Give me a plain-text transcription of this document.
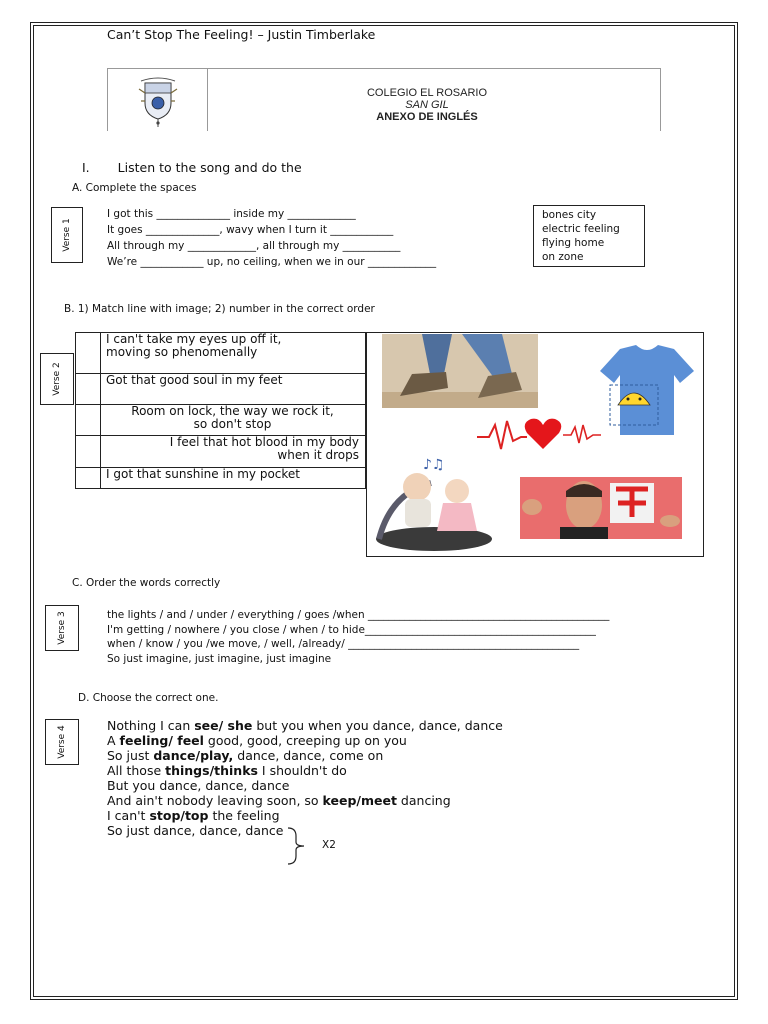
Can’t Stop The Feeling! – Justin Timberlake
COLEGIO EL ROSARIO
SAN GIL
ANEXO DE INGLÉS
I. Listen to the song and do the
A. Complete the spaces
Verse 1
I got this ______________ inside my _____________
It goes ______________, wavy when I turn it ____________
All through my _____________, all through my ___________
We’re ____________ up, no ceiling, when we in our _____________
bones city
electric feeling
flying home
on zone
B. 1) Match line with image; 2) number in the correct order
Verse 2
I can't take my eyes up off it,
moving so phenomenally
Got that good soul in my feet
Room on lock, the way we rock it,
so don't stop
I feel that hot blood in my body
when it drops
I got that sunshine in my pocket
♪♫
C. Order the words correctly
Verse 3	the lights / and / under / everything / goes /when ______________________________________________
I'm getting / nowhere / you close / when / to hide____________________________________________
when / know / you /we move, / well, /already/ ____________________________________________
So just imagine, just imagine, just imagine
D. Choose the correct one.
Verse 4	Nothing I can see/ she but you when you dance, dance, dance
A feeling/ feel good, good, creeping up on you
So just dance/play, dance, dance, come on
All those things/thinks I shouldn't do
But you dance, dance, dance
And ain't nobody leaving soon, so keep/meet dancing
I can't stop/top the feeling
So just dance, dance, dance
X2
